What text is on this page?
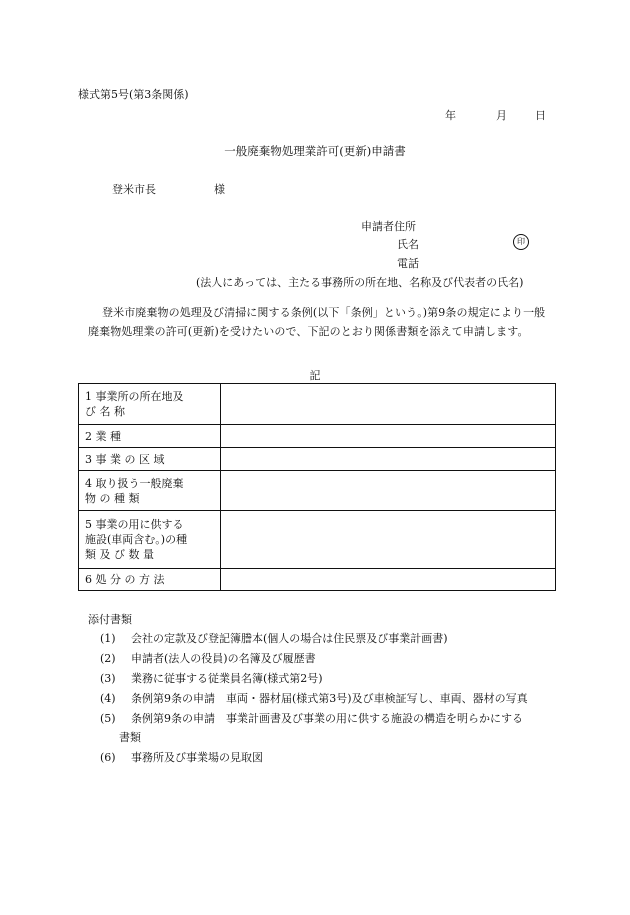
様式第5号(第3条関係)
年	月	日
一般廃棄物処理業許可(更新)申請書
登米市長	様
申請者住所
氏名	印
電話
(法人にあっては、主たる事務所の所在地、名称及び代表者の氏名)
登米市廃棄物の処理及び清掃に関する条例(以下「条例」という。)第9条の規定により一般廃棄物処理業の許可(更新)を受けたいので、下記のとおり関係書類を添えて申請します。
記
1 事業所の所在地及
び 名 称	

2 業 種	

3 事 業 の 区 域	

4 取り扱う一般廃棄
物 の 種 類	

5 事業の用に供する
施設(車両含む。)の種
類 及 び 数 量	

6 処 分 の 方 法	

添付書類
(1) 会社の定款及び登記簿謄本(個人の場合は住民票及び事業計画書)
(2) 申請者(法人の役員)の名簿及び履歴書
(3) 業務に従事する従業員名簿(様式第2号)
(4) 条例第9条の申請　車両・器材届(様式第3号)及び車検証写し、車両、器材の写真
(5) 条例第9条の申請　事業計画書及び事業の用に供する施設の構造を明らかにする
書類
(6) 事務所及び事業場の見取図
